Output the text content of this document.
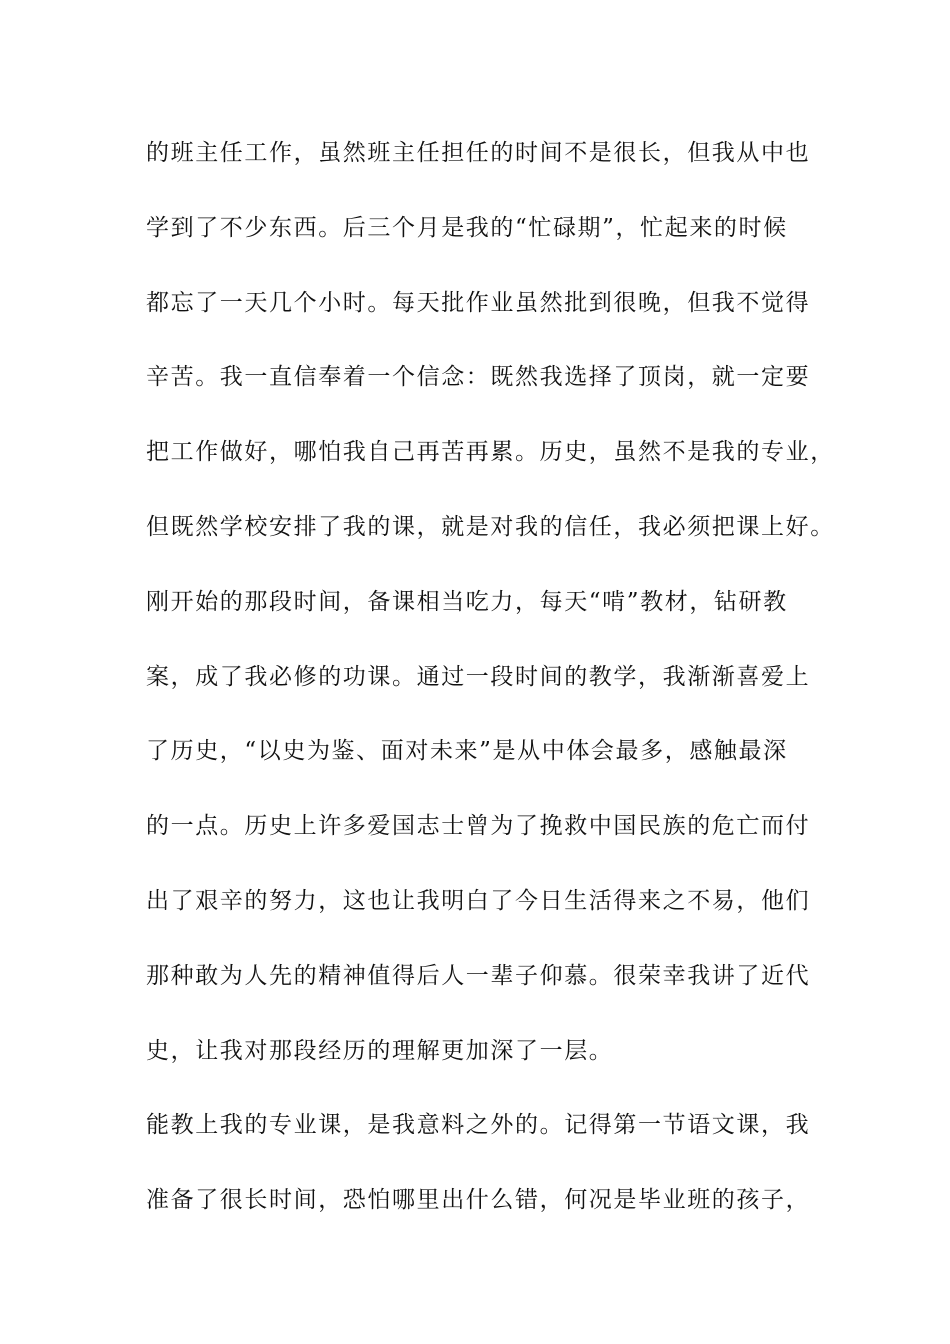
的班主任工作，虽然班主任担任的时间不是很长，但我从中也
学到了不少东西。后三个月是我的“忙碌期”，忙起来的时候
都忘了一天几个小时。每天批作业虽然批到很晚，但我不觉得
辛苦。我一直信奉着一个信念：既然我选择了顶岗，就一定要
把工作做好，哪怕我自己再苦再累。历史，虽然不是我的专业，
但既然学校安排了我的课，就是对我的信任，我必须把课上好。
刚开始的那段时间，备课相当吃力，每天“啃”教材，钻研教
案，成了我必修的功课。通过一段时间的教学，我渐渐喜爱上
了历史，“以史为鉴、面对未来”是从中体会最多，感触最深
的一点。历史上许多爱国志士曾为了挽救中国民族的危亡而付
出了艰辛的努力，这也让我明白了今日生活得来之不易，他们
那种敢为人先的精神值得后人一辈子仰慕。很荣幸我讲了近代
史，让我对那段经历的理解更加深了一层。
能教上我的专业课，是我意料之外的。记得第一节语文课，我
准备了很长时间，恐怕哪里出什么错，何况是毕业班的孩子，
